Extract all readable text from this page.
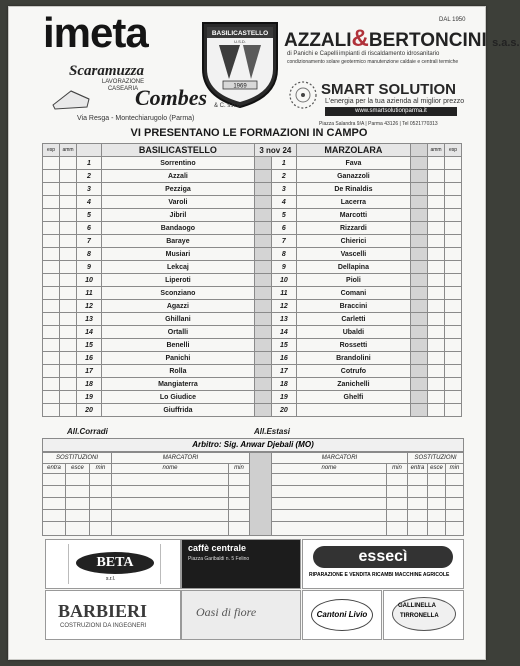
imeta
1969
BASILICASTELLO
U.S.D. AZZALI&BERTONCINI s.a.s.
DAL 1950
impianti di riscaldamento idrosanitario
di Panichi e Capelli
condizionamento solare geotermico manutenzione caldaie e centrali termiche
Scaramuzza
LAVORAZIONE CASEARIA
Combes & C. s.n.c.
SMART SOLUTION
L'energia per la tua azienda al miglior prezzo
www.smartsolutionparma.it
Via Resga - Montechiarugolo (Parma)
Piazza Salandra 9/A | Parma 43126 | Tel 0521770313
VI PRESENTANO LE FORMAZIONI IN CAMPO
esp	amm		BASILICASTELLO	3 nov 24		MARZOLARA		amm	esp
		1	Sorrentino		1	Fava			
		2	Azzali		2	Ganazzoli			
		3	Pezziga		3	De Rinaldis			
		4	Varoli		4	Lacerra			
		5	Jibril		5	Marcotti			
		6	Bandaogo		6	Rizzardi			
		7	Baraye		7	Chierici			
		8	Musiari		8	Vascelli			
		9	Lekcaj		9	Dellapina			
		10	Liperoti		10	Pioli			
		11	Sconziano		11	Comani			
		12	Agazzi		12	Braccini			
		13	Ghillani		13	Carletti			
		14	Ortalli		14	Ubaldi			
		15	Benelli		15	Rossetti			
		16	Panichi		16	Brandolini			
		17	Rolla		17	Cotrufo			
		18	Mangiaterra		18	Zanichelli			
		19	Lo Giudice		19	Ghelfi			
		20	Giuffrida		20				
All.Corradi	All.Estasi
Arbitro: Sig. Anwar Djebali (MO)
SOSTITUZIONI	MARCATORI	MARCATORI	SOSTITUZIONI
entra	esce	min	nome	min	nome	min	entra esce	min
BETA
s.r.l.
caffè centrale
Piazza Garibaldi n. 5 Felino	essecì
RIPARAZIONE E VENDITA RICAMBI MACCHINE AGRICOLE
BARBIERI
COSTRUZIONI DA INGEGNERI
Oasi di fiore	Cantoni Livio
GALLINELLA
TIRRONELLA
